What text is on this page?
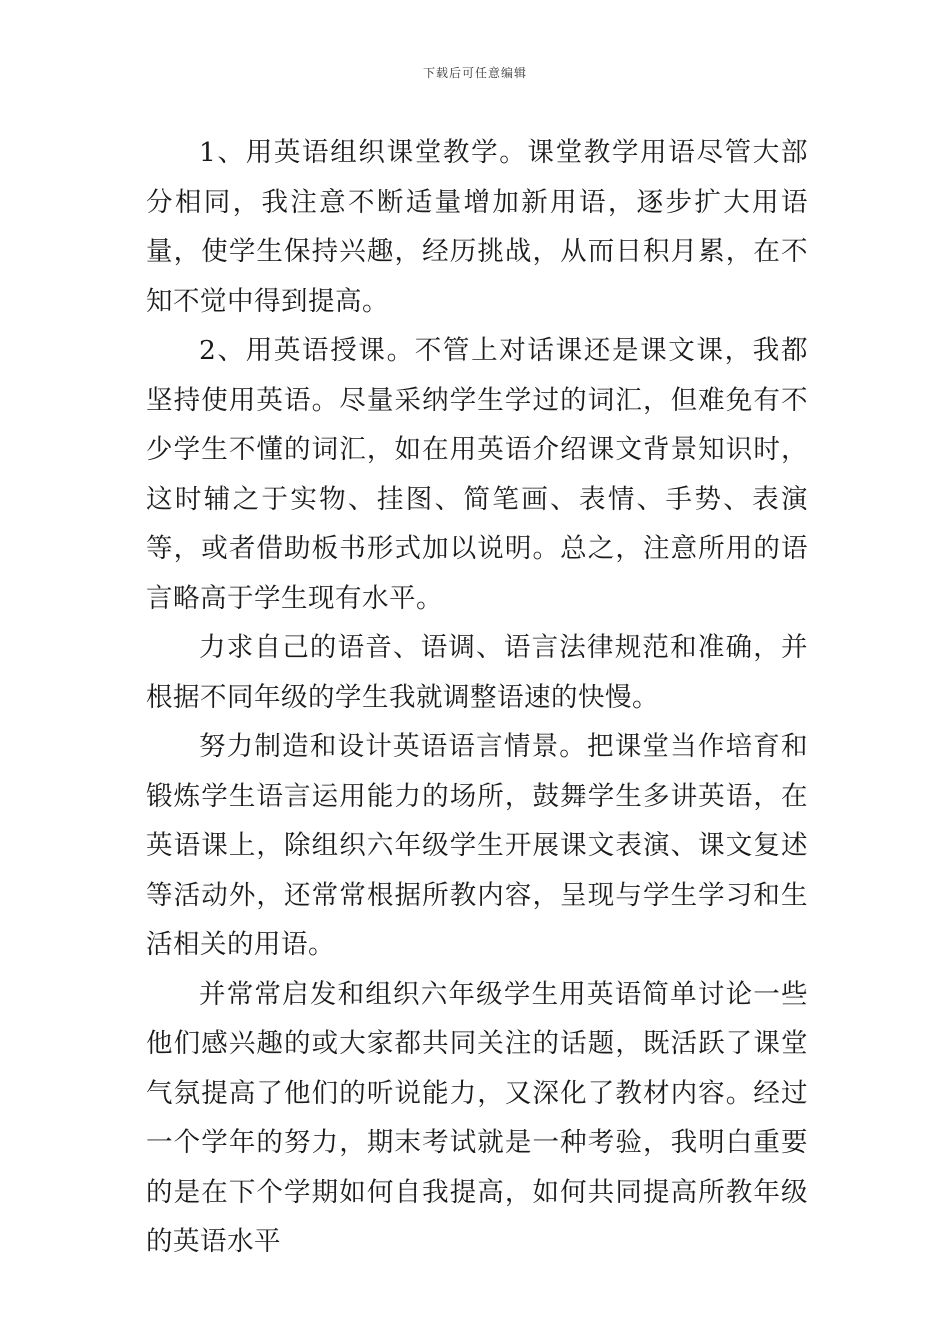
下载后可任意编辑

1、用英语组织课堂教学。课堂教学用语尽管大部分相同，我注意不断适量增加新用语，逐步扩大用语量，使学生保持兴趣，经历挑战，从而日积月累，在不知不觉中得到提高。

2、用英语授课。不管上对话课还是课文课，我都坚持使用英语。尽量采纳学生学过的词汇，但难免有不少学生不懂的词汇，如在用英语介绍课文背景知识时，这时辅之于实物、挂图、简笔画、表情、手势、表演等，或者借助板书形式加以说明。总之，注意所用的语言略高于学生现有水平。

力求自己的语音、语调、语言法律规范和准确，并根据不同年级的学生我就调整语速的快慢。

努力制造和设计英语语言情景。把课堂当作培育和锻炼学生语言运用能力的场所，鼓舞学生多讲英语，在英语课上，除组织六年级学生开展课文表演、课文复述等活动外，还常常根据所教内容，呈现与学生学习和生活相关的用语。

并常常启发和组织六年级学生用英语简单讨论一些他们感兴趣的或大家都共同关注的话题，既活跃了课堂气氛提高了他们的听说能力，又深化了教材内容。经过一个学年的努力，期末考试就是一种考验，我明白重要的是在下个学期如何自我提高，如何共同提高所教年级的英语水平
